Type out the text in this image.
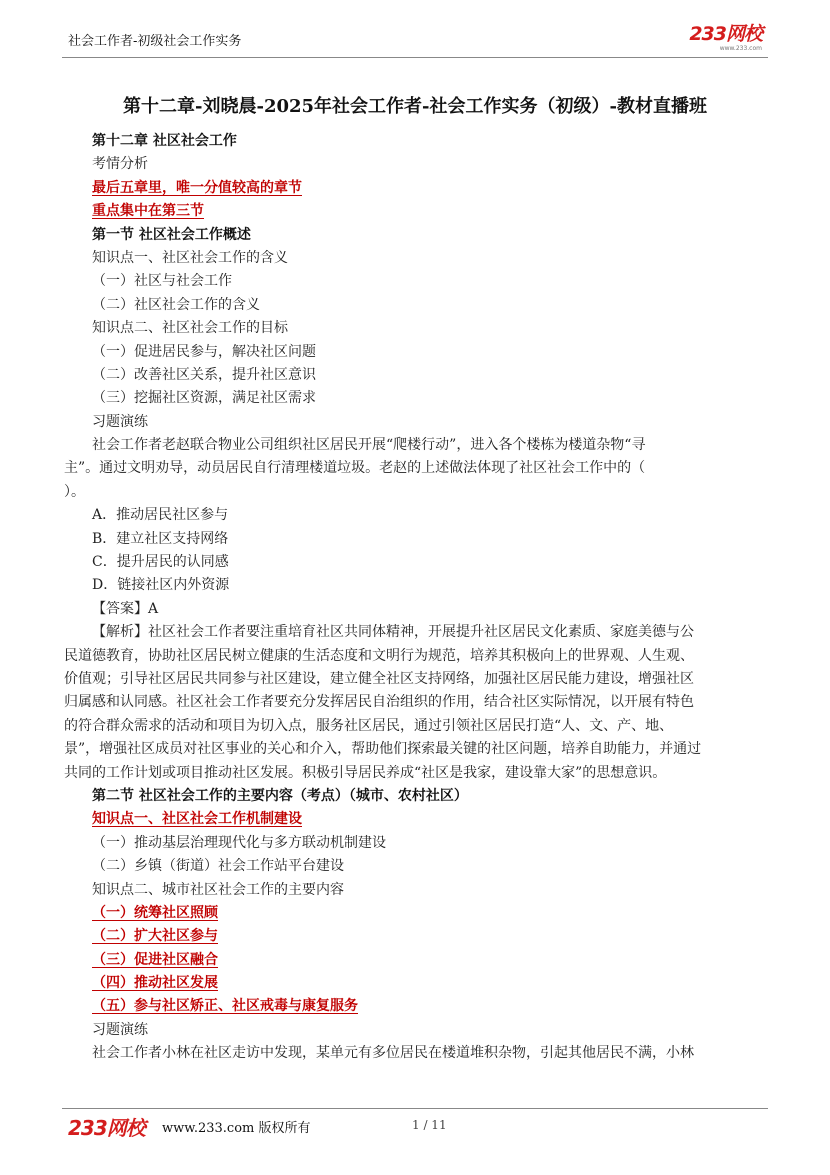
社会工作者-初级社会工作实务	233网校
www.233.com
第十二章-刘晓晨-2025年社会工作者-社会工作实务（初级）-教材直播班
第十二章 社区社会工作
考情分析
最后五章里，唯一分值较高的章节
重点集中在第三节
第一节 社区社会工作概述
知识点一、社区社会工作的含义
（一）社区与社会工作
（二）社区社会工作的含义
知识点二、社区社会工作的目标
（一）促进居民参与，解决社区问题
（二）改善社区关系，提升社区意识
（三）挖掘社区资源，满足社区需求
习题演练
社会工作者老赵联合物业公司组织社区居民开展“爬楼行动”，进入各个楼栋为楼道杂物“寻
主”。通过文明劝导，动员居民自行清理楼道垃圾。老赵的上述做法体现了社区社会工作中的（
）。
A．推动居民社区参与
B．建立社区支持网络
C．提升居民的认同感
D．链接社区内外资源
【答案】A
【解析】社区社会工作者要注重培育社区共同体精神，开展提升社区居民文化素质、家庭美德与公
民道德教育，协助社区居民树立健康的生活态度和文明行为规范，培养其积极向上的世界观、人生观、
价值观；引导社区居民共同参与社区建设，建立健全社区支持网络，加强社区居民能力建设，增强社区
归属感和认同感。社区社会工作者要充分发挥居民自治组织的作用，结合社区实际情况，以开展有特色
的符合群众需求的活动和项目为切入点，服务社区居民，通过引领社区居民打造“人、文、产、地、
景”，增强社区成员对社区事业的关心和介入，帮助他们探索最关键的社区问题，培养自助能力，并通过
共同的工作计划或项目推动社区发展。积极引导居民养成“社区是我家，建设靠大家”的思想意识。
第二节 社区社会工作的主要内容（考点）（城市、农村社区）
知识点一、社区社会工作机制建设
（一）推动基层治理现代化与多方联动机制建设
（二）乡镇（街道）社会工作站平台建设
知识点二、城市社区社会工作的主要内容
（一）统筹社区照顾
（二）扩大社区参与
（三）促进社区融合
（四）推动社区发展
（五）参与社区矫正、社区戒毒与康复服务
习题演练
社会工作者小林在社区走访中发现，某单元有多位居民在楼道堆积杂物，引起其他居民不满，小林
233网校 www.233.com 版权所有	1 / 11
